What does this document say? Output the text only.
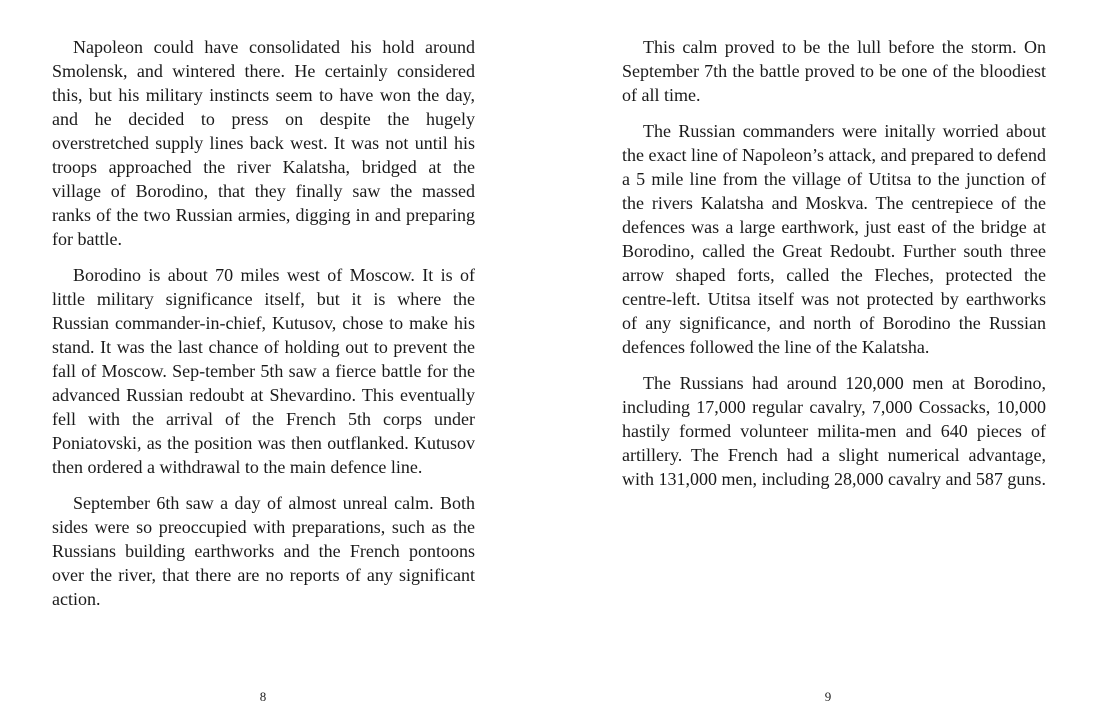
Napoleon could have consolidated his hold around Smolensk, and wintered there. He certainly considered this, but his military instincts seem to have won the day, and he decided to press on despite the hugely overstretched supply lines back west. It was not until his troops approached the river Kalatsha, bridged at the village of Borodino, that they finally saw the massed ranks of the two Russian armies, digging in and preparing for battle.

Borodino is about 70 miles west of Moscow. It is of little military significance itself, but it is where the Russian commander-in-chief, Kutusov, chose to make his stand. It was the last chance of holding out to prevent the fall of Moscow. Sep-tember 5th saw a fierce battle for the advanced Russian redoubt at Shevardino. This eventually fell with the arrival of the French 5th corps under Poniatovski, as the position was then outflanked. Kutusov then ordered a withdrawal to the main defence line.

September 6th saw a day of almost unreal calm. Both sides were so preoccupied with preparations, such as the Russians building earthworks and the French pontoons over the river, that there are no reports of any significant action.

8

This calm proved to be the lull before the storm. On September 7th the battle proved to be one of the bloodiest of all time.

The Russian commanders were initally worried about the exact line of Napoleon’s attack, and prepared to defend a 5 mile line from the village of Utitsa to the junction of the rivers Kalatsha and Moskva. The centrepiece of the defences was a large earthwork, just east of the bridge at Borodino, called the Great Redoubt. Further south three arrow shaped forts, called the Fleches, protected the centre-left. Utitsa itself was not protected by earthworks of any significance, and north of Borodino the Russian defences followed the line of the Kalatsha.

The Russians had around 120,000 men at Borodino, including 17,000 regular cavalry, 7,000 Cossacks, 10,000 hastily formed volunteer milita-men and 640 pieces of artillery. The French had a slight numerical advantage, with 131,000 men, including 28,000 cavalry and 587 guns.

9
